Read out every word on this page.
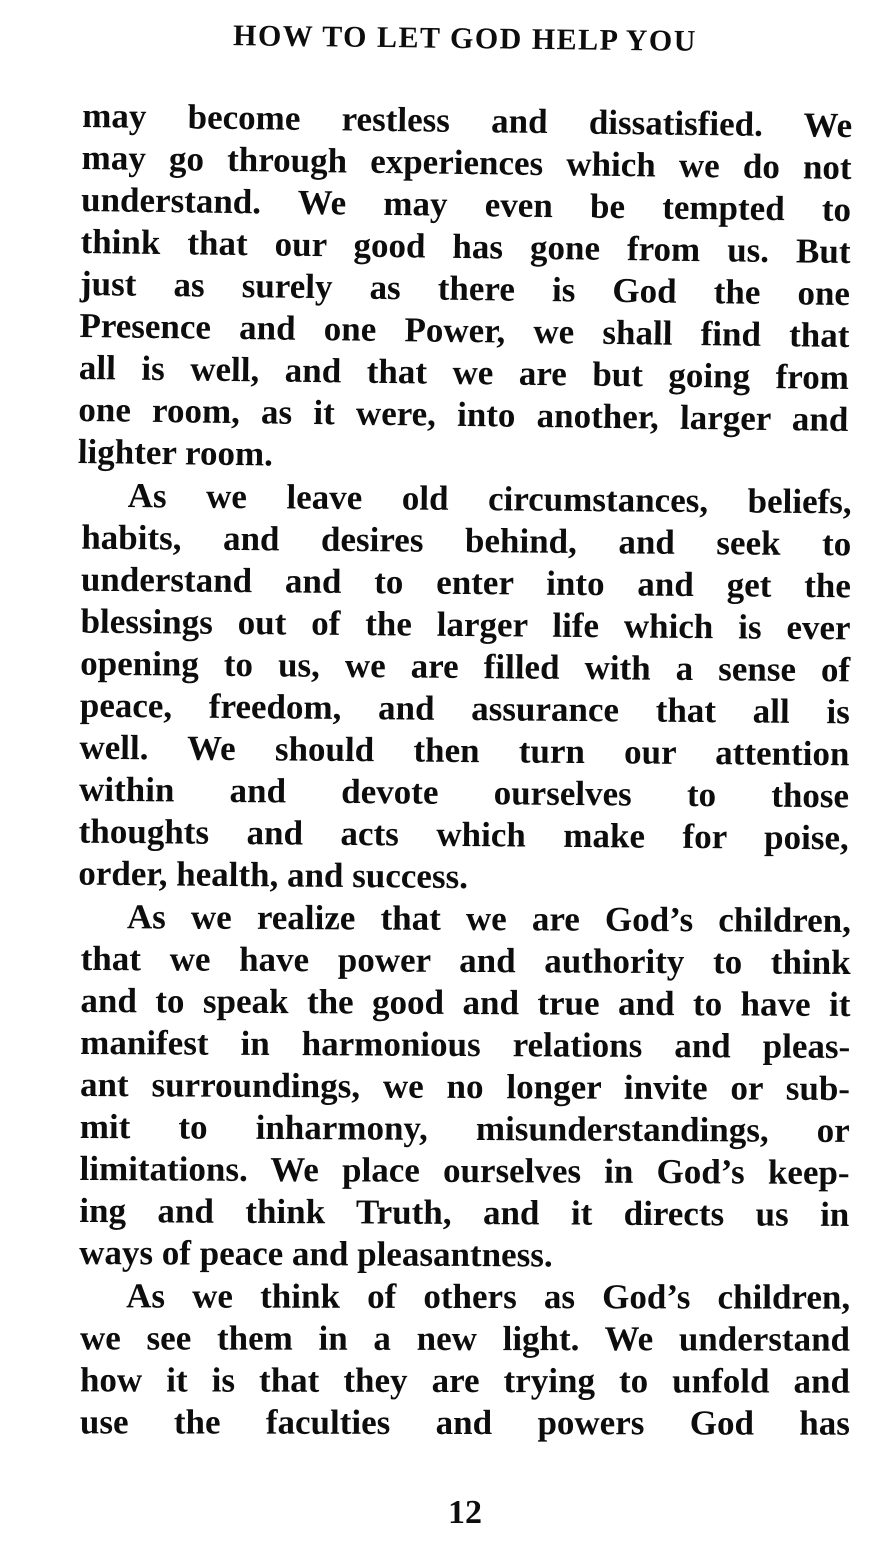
HOW TO LET GOD HELP YOU
may become restless and dissatisfied. We
may go through experiences which we do not
understand. We may even be tempted to
think that our good has gone from us. But
just as surely as there is God the one
Presence and one Power, we shall find that
all is well, and that we are but going from
one room, as it were, into another, larger and
lighter room.
As we leave old circumstances, beliefs,
habits, and desires behind, and seek to
understand and to enter into and get the
blessings out of the larger life which is ever
opening to us, we are filled with a sense of
peace, freedom, and assurance that all is
well. We should then turn our attention
within and devote ourselves to those
thoughts and acts which make for poise,
order, health, and success.
As we realize that we are God’s children,
that we have power and authority to think
and to speak the good and true and to have it
manifest in harmonious relations and pleas-
ant surroundings, we no longer invite or sub-
mit to inharmony, misunderstandings, or
limitations. We place ourselves in God’s keep-
ing and think Truth, and it directs us in
ways of peace and pleasantness.
As we think of others as God’s children,
we see them in a new light. We understand
how it is that they are trying to unfold and
use the faculties and powers God has
12
